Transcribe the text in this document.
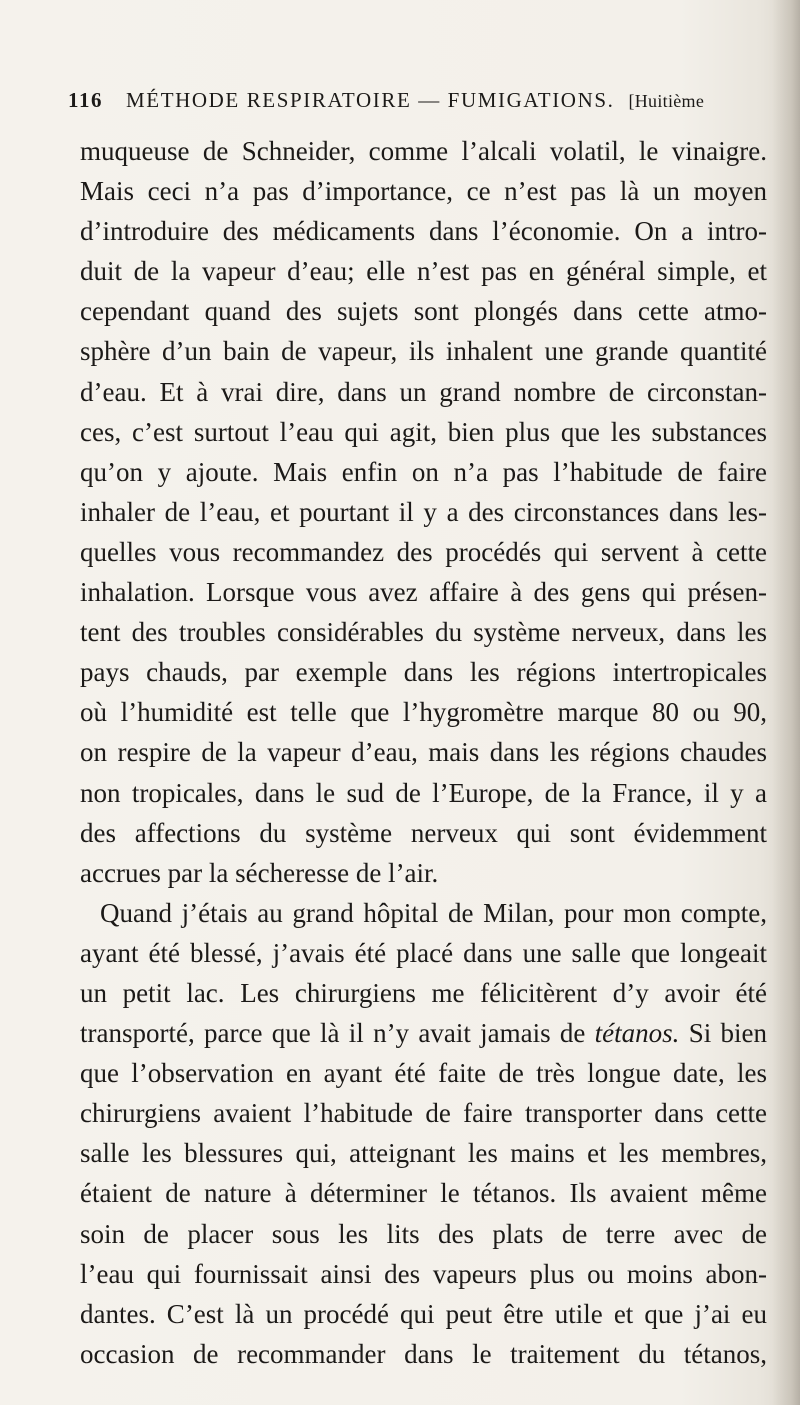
116	MÉTHODE RESPIRATOIRE — FUMIGATIONS. [Huitième
muqueuse de Schneider, comme l’alcali volatil, le vinaigre.
Mais ceci n’a pas d’importance, ce n’est pas là un moyen
d’introduire des médicaments dans l’économie. On a intro-
duit de la vapeur d’eau; elle n’est pas en général simple, et
cependant quand des sujets sont plongés dans cette atmo-
sphère d’un bain de vapeur, ils inhalent une grande quantité
d’eau. Et à vrai dire, dans un grand nombre de circonstan-
ces, c’est surtout l’eau qui agit, bien plus que les substances
qu’on y ajoute. Mais enfin on n’a pas l’habitude de faire
inhaler de l’eau, et pourtant il y a des circonstances dans les-
quelles vous recommandez des procédés qui servent à cette
inhalation. Lorsque vous avez affaire à des gens qui présen-
tent des troubles considérables du système nerveux, dans les
pays chauds, par exemple dans les régions intertropicales
où l’humidité est telle que l’hygromètre marque 80 ou 90,
on respire de la vapeur d’eau, mais dans les régions chaudes
non tropicales, dans le sud de l’Europe, de la France, il y a
des affections du système nerveux qui sont évidemment
accrues par la sécheresse de l’air.
Quand j’étais au grand hôpital de Milan, pour mon compte,
ayant été blessé, j’avais été placé dans une salle que longeait
un petit lac. Les chirurgiens me félicitèrent d’y avoir été
transporté, parce que là il n’y avait jamais de tétanos. Si bien
que l’observation en ayant été faite de très longue date, les
chirurgiens avaient l’habitude de faire transporter dans cette
salle les blessures qui, atteignant les mains et les membres,
étaient de nature à déterminer le tétanos. Ils avaient même
soin de placer sous les lits des plats de terre avec de
l’eau qui fournissait ainsi des vapeurs plus ou moins abon-
dantes. C’est là un procédé qui peut être utile et que j’ai eu
occasion de recommander dans le traitement du tétanos,
